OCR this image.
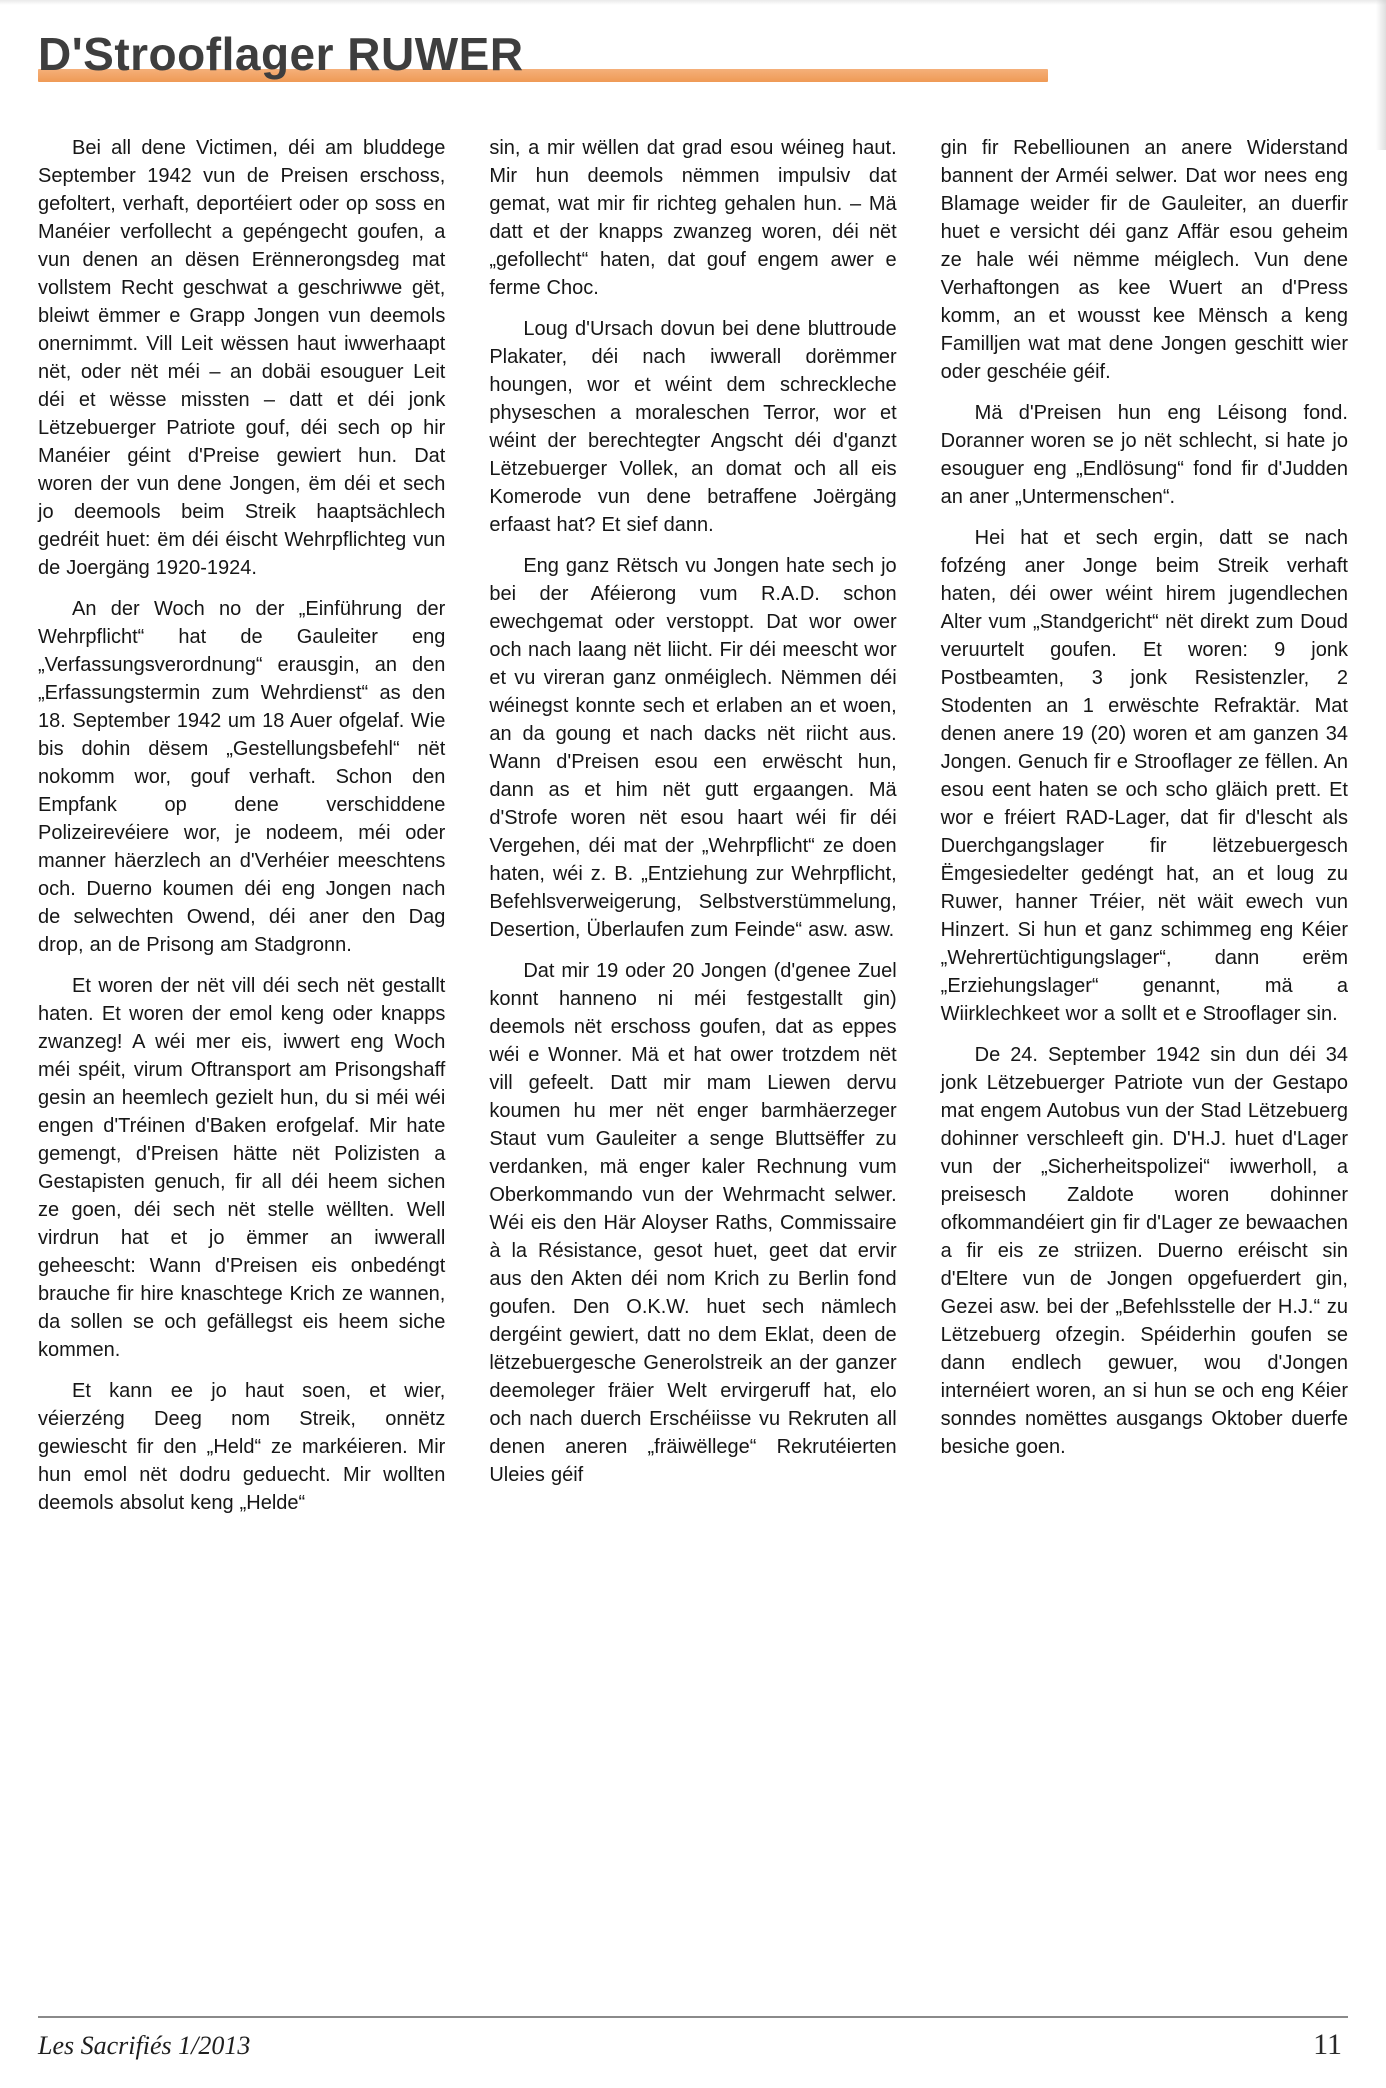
D'Strooflager RUWER

Bei all dene Victimen, déi am bluddege September 1942 vun de Preisen erschoss, gefoltert, verhaft, deportéiert oder op soss en Manéier verfollecht a gepéngecht goufen, a vun denen an dësen Erënnerongsdeg mat vollstem Recht geschwat a geschriwwe gët, bleiwt ëmmer e Grapp Jongen vun deemols onernimmt. Vill Leit wëssen haut iwwerhaapt nët, oder nët méi – an dobäi esouguer Leit déi et wësse missten – datt et déi jonk Lëtzebuerger Patriote gouf, déi sech op hir Manéier géint d'Preise gewiert hun. Dat woren der vun dene Jongen, ëm déi et sech jo deemools beim Streik haaptsächlech gedréit huet: ëm déi éischt Wehrpflichteg vun de Joergäng 1920-1924.

An der Woch no der „Einführung der Wehrpflicht“ hat de Gauleiter eng „Verfassungsverordnung“ erausgin, an den „Erfassungstermin zum Wehrdienst“ as den 18. September 1942 um 18 Auer ofgelaf. Wie bis dohin dësem „Gestellungsbefehl“ nët nokomm wor, gouf verhaft. Schon den Empfank op dene verschiddene Polizeirevéiere wor, je nodeem, méi oder manner häerzlech an d'Verhéier meeschtens och. Duerno koumen déi eng Jongen nach de selwechten Owend, déi aner den Dag drop, an de Prisong am Stadgronn.

Et woren der nët vill déi sech nët gestallt haten. Et woren der emol keng oder knapps zwanzeg! A wéi mer eis, iwwert eng Woch méi spéit, virum Oftransport am Prisongshaff gesin an heemlech gezielt hun, du si méi wéi engen d'Tréinen d'Baken erofgelaf. Mir hate gemengt, d'Preisen hätte nët Polizisten a Gestapisten genuch, fir all déi heem sichen ze goen, déi sech nët stelle wëllten. Well virdrun hat et jo ëmmer an iwwerall geheescht: Wann d'Preisen eis onbedéngt brauche fir hire knaschtege Krich ze wannen, da sollen se och gefällegst eis heem siche kommen.

Et kann ee jo haut soen, et wier, véierzéng Deeg nom Streik, onnëtz gewiescht fir den „Held“ ze markéieren. Mir hun emol nët dodru geduecht. Mir wollten deemols absolut keng „Helde“

sin, a mir wëllen dat grad esou wéineg haut. Mir hun deemols nëmmen impulsiv dat gemat, wat mir fir richteg gehalen hun. – Mä datt et der knapps zwanzeg woren, déi nët „gefollecht“ haten, dat gouf engem awer e ferme Choc.

Loug d'Ursach dovun bei dene bluttroude Plakater, déi nach iwwerall dorëmmer houngen, wor et wéint dem schreckleche physeschen a moraleschen Terror, wor et wéint der berechtegter Angscht déi d'ganzt Lëtzebuerger Vollek, an domat och all eis Komerode vun dene betraffene Joërgäng erfaast hat? Et sief dann.

Eng ganz Rëtsch vu Jongen hate sech jo bei der Aféierong vum R.A.D. schon ewechgemat oder verstoppt. Dat wor ower och nach laang nët liicht. Fir déi meescht wor et vu vireran ganz onméiglech. Nëmmen déi wéinegst konnte sech et erlaben an et woen, an da goung et nach dacks nët riicht aus. Wann d'Preisen esou een erwëscht hun, dann as et him nët gutt ergaangen. Mä d'Strofe woren nët esou haart wéi fir déi Vergehen, déi mat der „Wehrpflicht“ ze doen haten, wéi z. B. „Entziehung zur Wehrpflicht, Befehlsverweigerung, Selbstverstümmelung, Desertion, Überlaufen zum Feinde“ asw. asw.

Dat mir 19 oder 20 Jongen (d'genee Zuel konnt hanneno ni méi festgestallt gin) deemols nët erschoss goufen, dat as eppes wéi e Wonner. Mä et hat ower trotzdem nët vill gefeelt. Datt mir mam Liewen dervu koumen hu mer nët enger barmhäerzeger Staut vum Gauleiter a senge Bluttsëffer zu verdanken, mä enger kaler Rechnung vum Oberkommando vun der Wehrmacht selwer. Wéi eis den Här Aloyser Raths, Commissaire à la Résistance, gesot huet, geet dat ervir aus den Akten déi nom Krich zu Berlin fond goufen. Den O.K.W. huet sech nämlech dergéint gewiert, datt no dem Eklat, deen de lëtzebuergesche Generolstreik an der ganzer deemoleger fräier Welt ervirgeruff hat, elo och nach duerch Erschéiisse vu Rekruten all denen aneren „fräiwëllege“ Rekrutéierten Uleies géif

gin fir Rebelliounen an anere Widerstand bannent der Arméi selwer. Dat wor nees eng Blamage weider fir de Gauleiter, an duerfir huet e versicht déi ganz Affär esou geheim ze hale wéi nëmme méiglech. Vun dene Verhaftongen as kee Wuert an d'Press komm, an et wousst kee Mënsch a keng Familljen wat mat dene Jongen geschitt wier oder geschéie géif.

Mä d'Preisen hun eng Léisong fond. Doranner woren se jo nët schlecht, si hate jo esouguer eng „Endlösung“ fond fir d'Judden an aner „Untermenschen“.

Hei hat et sech ergin, datt se nach fofzéng aner Jonge beim Streik verhaft haten, déi ower wéint hirem jugendlechen Alter vum „Standgericht“ nët direkt zum Doud veruurtelt goufen. Et woren: 9 jonk Postbeamten, 3 jonk Resistenzler, 2 Stodenten an 1 erwëschte Refraktär. Mat denen anere 19 (20) woren et am ganzen 34 Jongen. Genuch fir e Strooflager ze fëllen. An esou eent haten se och scho gläich prett. Et wor e fréiert RAD-Lager, dat fir d'lescht als Duerchgangslager fir lëtzebuergesch Ëmgesiedelter gedéngt hat, an et loug zu Ruwer, hanner Tréier, nët wäit ewech vun Hinzert. Si hun et ganz schimmeg eng Kéier „Wehrertüchtigungslager“, dann erëm „Erziehungslager“ genannt, mä a Wiirklechkeet wor a sollt et e Strooflager sin.

De 24. September 1942 sin dun déi 34 jonk Lëtzebuerger Patriote vun der Gestapo mat engem Autobus vun der Stad Lëtzebuerg dohinner verschleeft gin. D'H.J. huet d'Lager vun der „Sicherheitspolizei“ iwwerholl, a preisesch Zaldote woren dohinner ofkommandéiert gin fir d'Lager ze bewaachen a fir eis ze striizen. Duerno eréischt sin d'Eltere vun de Jongen opgefuerdert gin, Gezei asw. bei der „Befehlsstelle der H.J.“ zu Lëtzebuerg ofzegin. Spéiderhin goufen se dann endlech gewuer, wou d'Jongen internéiert woren, an si hun se och eng Kéier sonndes nomëttes ausgangs Oktober duerfe besiche goen.

Les Sacrifiés 1/2013	11
